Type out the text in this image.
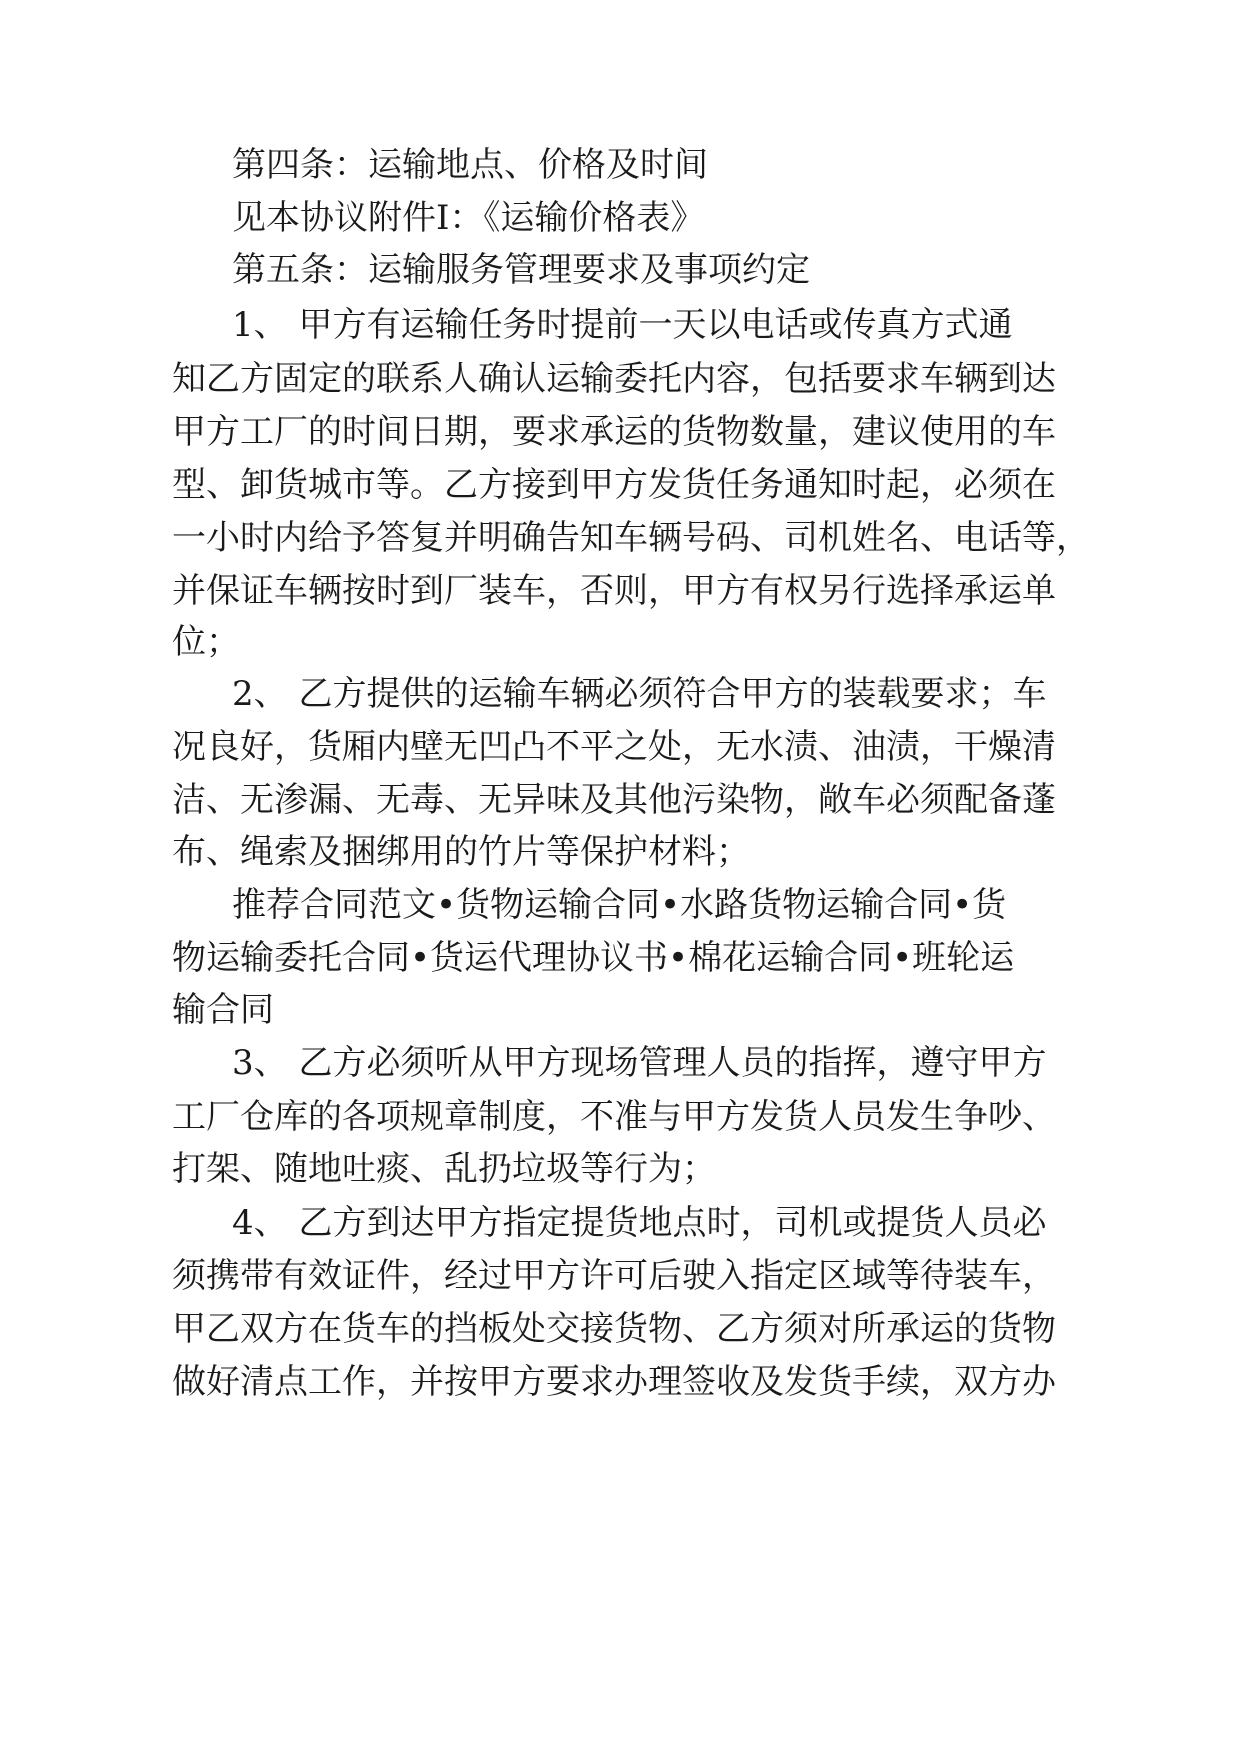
第四条：运输地点、价格及时间

见本协议附件I：《运输价格表》

第五条：运输服务管理要求及事项约定

1、 甲方有运输任务时提前一天以电话或传真方式通

知乙方固定的联系人确认运输委托内容，包括要求车辆到达

甲方工厂的时间日期，要求承运的货物数量，建议使用的车

型、卸货城市等。乙方接到甲方发货任务通知时起，必须在

一小时内给予答复并明确告知车辆号码、司机姓名、电话等，

并保证车辆按时到厂装车，否则，甲方有权另行选择承运单

位；

2、 乙方提供的运输车辆必须符合甲方的装载要求；车

况良好，货厢内壁无凹凸不平之处，无水渍、油渍，干燥清

洁、无渗漏、无毒、无异味及其他污染物，敞车必须配备蓬

布、绳索及捆绑用的竹片等保护材料；

推荐合同范文•货物运输合同•水路货物运输合同•货

物运输委托合同•货运代理协议书•棉花运输合同•班轮运

输合同

3、 乙方必须听从甲方现场管理人员的指挥，遵守甲方

工厂仓库的各项规章制度，不准与甲方发货人员发生争吵、

打架、随地吐痰、乱扔垃圾等行为；

4、 乙方到达甲方指定提货地点时，司机或提货人员必

须携带有效证件，经过甲方许可后驶入指定区域等待装车，

甲乙双方在货车的挡板处交接货物、乙方须对所承运的货物

做好清点工作，并按甲方要求办理签收及发货手续，双方办
